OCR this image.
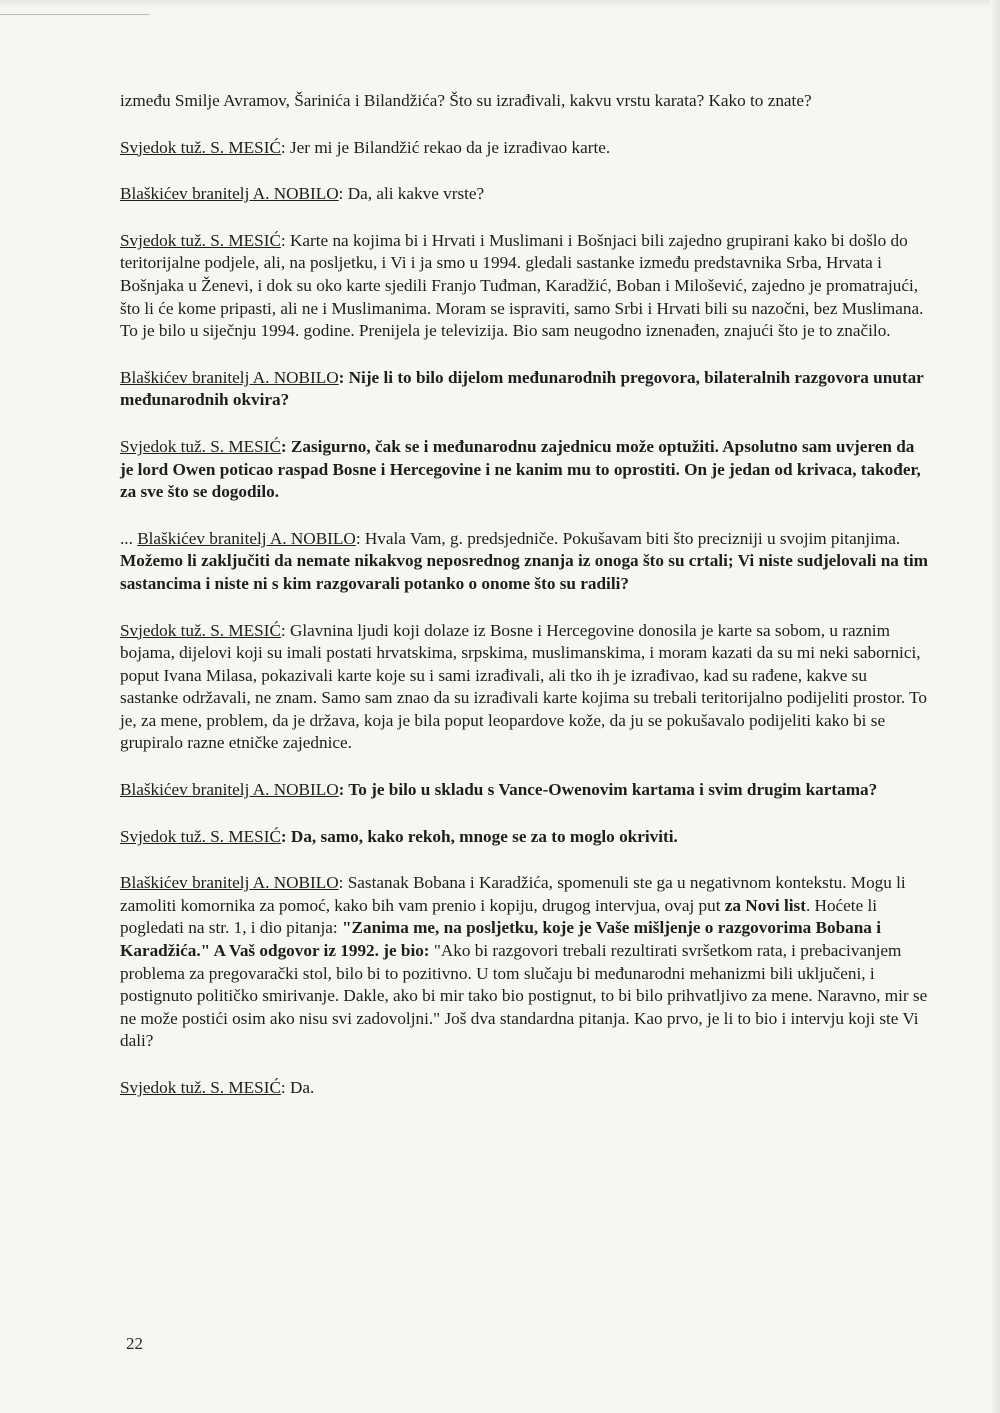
između Smilje Avramov, Šarinića i Bilandžića? Što su izrađivali, kakvu vrstu karata? Kako to znate?

Svjedok tuž. S. MESIĆ: Jer mi je Bilandžić rekao da je izrađivao karte.

Blaškićev branitelj A. NOBILO: Da, ali kakve vrste?

Svjedok tuž. S. MESIĆ: Karte na kojima bi i Hrvati i Muslimani i Bošnjaci bili zajedno grupirani kako bi došlo do teritorijalne podjele, ali, na posljetku, i Vi i ja smo u 1994. gledali sastanke između predstavnika Srba, Hrvata i Bošnjaka u Ženevi, i dok su oko karte sjedili Franjo Tuđman, Karadžić, Boban i Milošević, zajedno je promatrajući, što li će kome pripasti, ali ne i Muslimanima. Moram se ispraviti, samo Srbi i Hrvati bili su nazočni, bez Muslimana. To je bilo u siječnju 1994. godine. Prenijela je televizija. Bio sam neugodno iznenađen, znajući što je to značilo.

Blaškićev branitelj A. NOBILO: Nije li to bilo dijelom međunarodnih pregovora, bilateralnih razgovora unutar međunarodnih okvira?

Svjedok tuž. S. MESIĆ: Zasigurno, čak se i međunarodnu zajednicu može optužiti. Apsolutno sam uvjeren da je lord Owen poticao raspad Bosne i Hercegovine i ne kanim mu to oprostiti. On je jedan od krivaca, također, za sve što se dogodilo.

... Blaškićev branitelj A. NOBILO: Hvala Vam, g. predsjedniče. Pokušavam biti što precizniji u svojim pitanjima. Možemo li zaključiti da nemate nikakvog neposrednog znanja iz onoga što su crtali; Vi niste sudjelovali na tim sastancima i niste ni s kim razgovarali potanko o onome što su radili?

Svjedok tuž. S. MESIĆ: Glavnina ljudi koji dolaze iz Bosne i Hercegovine donosila je karte sa sobom, u raznim bojama, dijelovi koji su imali postati hrvatskima, srpskima, muslimanskima, i moram kazati da su mi neki sabornici, poput Ivana Milasa, pokazivali karte koje su i sami izrađivali, ali tko ih je izrađivao, kad su rađene, kakve su sastanke održavali, ne znam. Samo sam znao da su izrađivali karte kojima su trebali teritorijalno podijeliti prostor. To je, za mene, problem, da je država, koja je bila poput leopardove kože, da ju se pokušavalo podijeliti kako bi se grupiralo razne etničke zajednice.

Blaškićev branitelj A. NOBILO: To je bilo u skladu s Vance-Owenovim kartama i svim drugim kartama?

Svjedok tuž. S. MESIĆ: Da, samo, kako rekoh, mnoge se za to moglo okriviti.

Blaškićev branitelj A. NOBILO: Sastanak Bobana i Karadžića, spomenuli ste ga u negativnom kontekstu. Mogu li zamoliti komornika za pomoć, kako bih vam prenio i kopiju, drugog intervjua, ovaj put za Novi list. Hoćete li pogledati na str. 1, i dio pitanja: "Zanima me, na posljetku, koje je Vaše mišljenje o razgovorima Bobana i Karadžića." A Vaš odgovor iz 1992. je bio: "Ako bi razgovori trebali rezultirati svršetkom rata, i prebacivanjem problema za pregovarački stol, bilo bi to pozitivno. U tom slučaju bi međunarodni mehanizmi bili uključeni, i postignuto političko smirivanje. Dakle, ako bi mir tako bio postignut, to bi bilo prihvatljivo za mene. Naravno, mir se ne može postići osim ako nisu svi zadovoljni." Još dva standardna pitanja. Kao prvo, je li to bio i intervju koji ste Vi dali?

Svjedok tuž. S. MESIĆ: Da.

22
